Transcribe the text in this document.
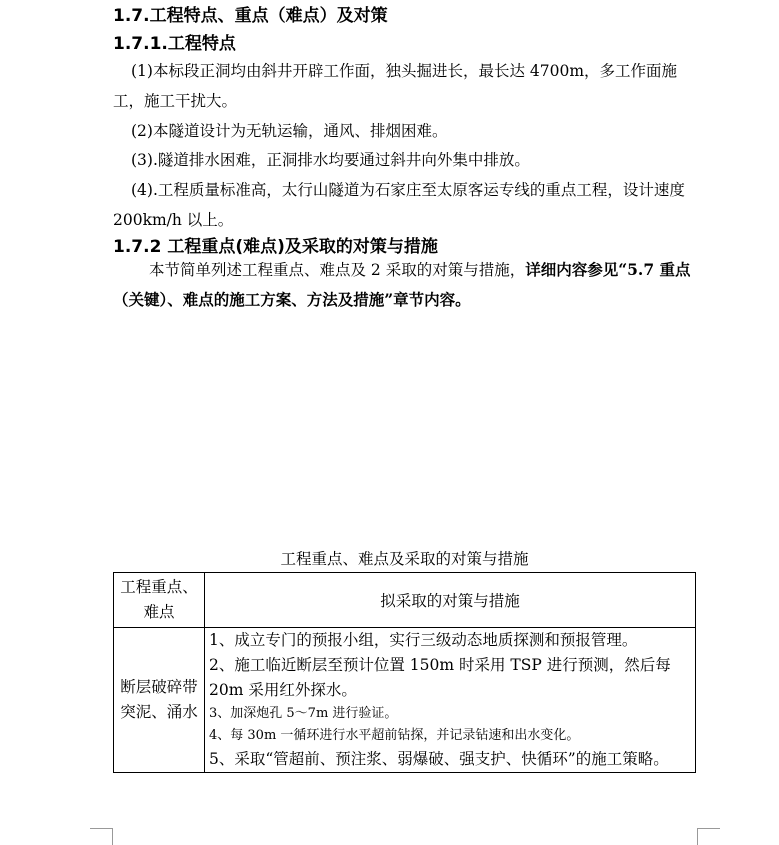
1.7.工程特点、重点（难点）及对策
1.7.1.工程特点
(1)本标段正洞均由斜井开辟工作面，独头掘进长，最长达 4700m，多工作面施工，施工干扰大。
(2)本隧道设计为无轨运输，通风、排烟困难。
(3).隧道排水困难，正洞排水均要通过斜井向外集中排放。
(4).工程质量标准高，太行山隧道为石家庄至太原客运专线的重点工程，设计速度 200km/h 以上。
1.7.2 工程重点(难点)及采取的对策与措施
本节简单列述工程重点、难点及 2 采取的对策与措施，详细内容参见“5.7 重点（关键）、难点的施工方案、方法及措施”章节内容。
工程重点、难点及采取的对策与措施
工程重点、难点	拟采取的对策与措施
断层破碎带突泥、涌水	1、成立专门的预报小组，实行三级动态地质探测和预报管理。
2、施工临近断层至预计位置 150m 时采用 TSP 进行预测，然后每 20m 采用红外探水。
3、加深炮孔 5～7m 进行验证。
4、每 30m 一循环进行水平超前钻探，并记录钻速和出水变化。
5、采取“管超前、预注浆、弱爆破、强支护、快循环”的施工策略。
